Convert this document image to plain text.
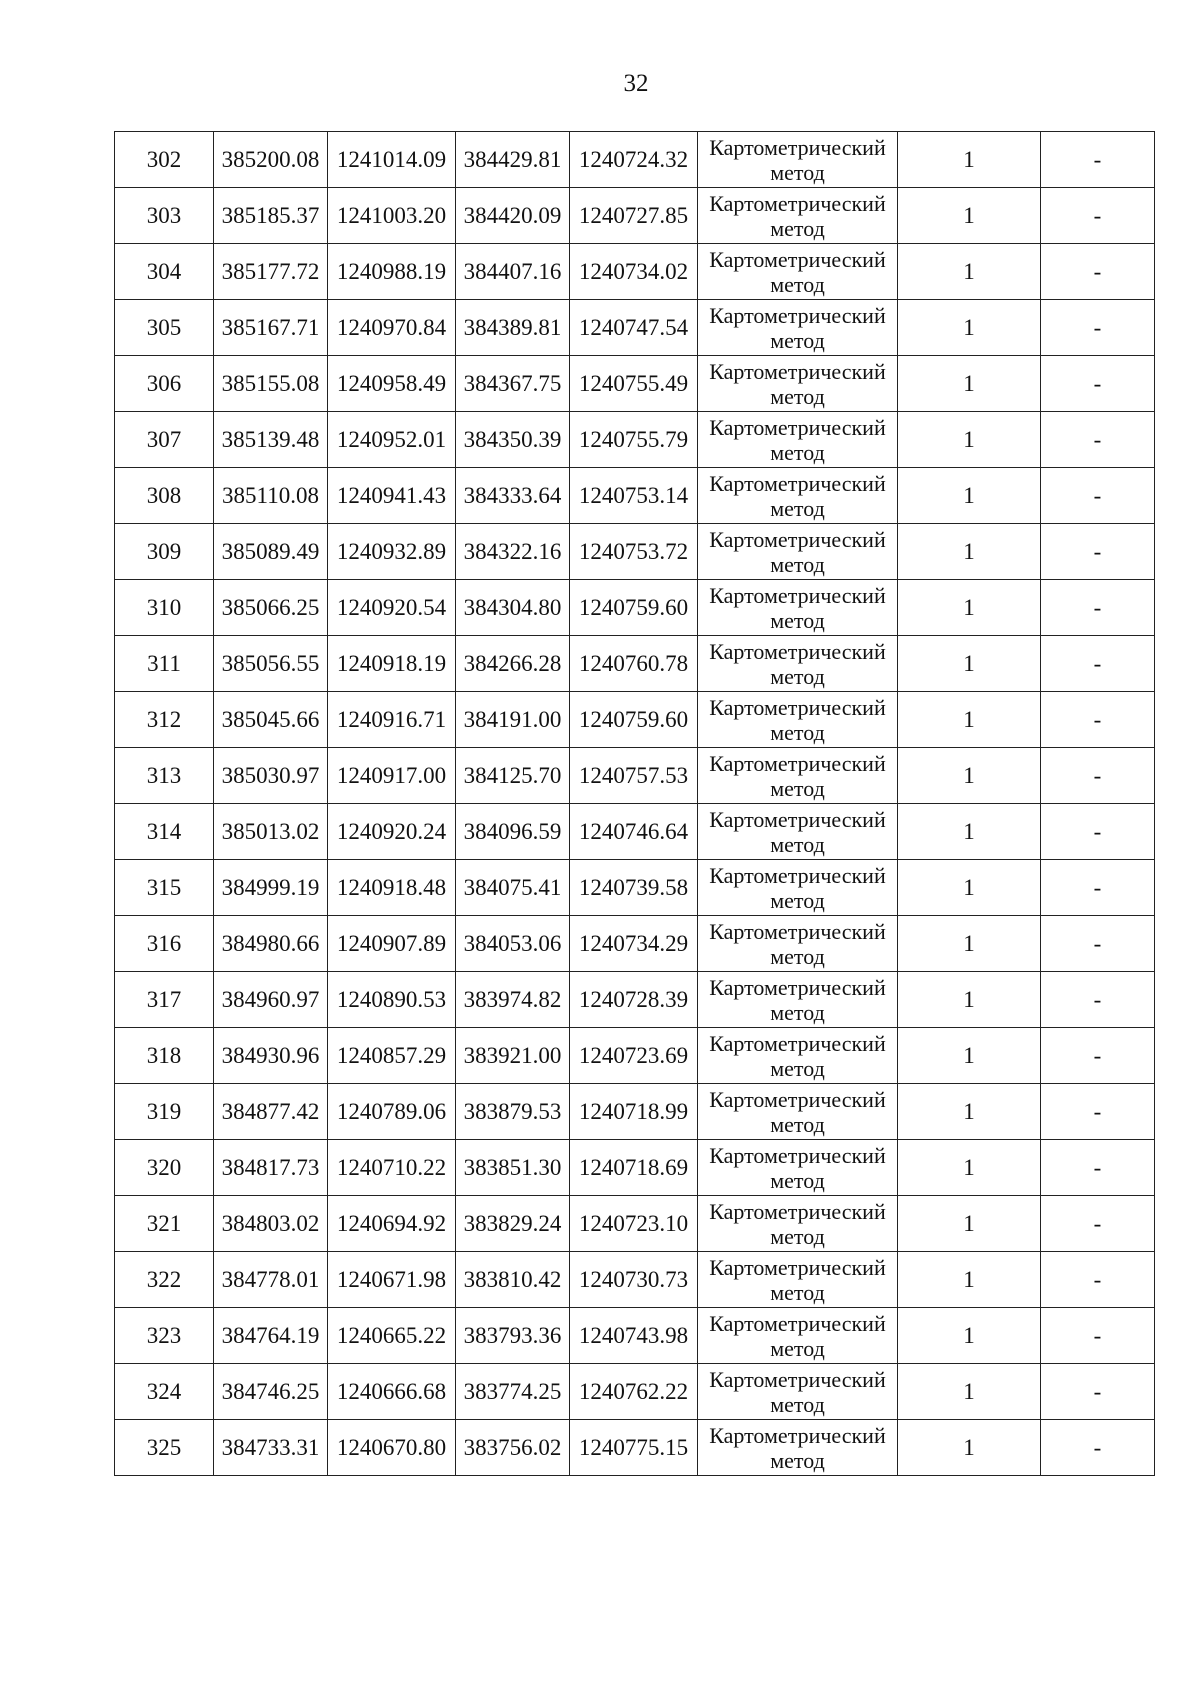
32
302	385200.08	1241014.09	384429.81	1240724.32	Картометрический метод	1	-
303	385185.37	1241003.20	384420.09	1240727.85	Картометрический метод	1	-
304	385177.72	1240988.19	384407.16	1240734.02	Картометрический метод	1	-
305	385167.71	1240970.84	384389.81	1240747.54	Картометрический метод	1	-
306	385155.08	1240958.49	384367.75	1240755.49	Картометрический метод	1	-
307	385139.48	1240952.01	384350.39	1240755.79	Картометрический метод	1	-
308	385110.08	1240941.43	384333.64	1240753.14	Картометрический метод	1	-
309	385089.49	1240932.89	384322.16	1240753.72	Картометрический метод	1	-
310	385066.25	1240920.54	384304.80	1240759.60	Картометрический метод	1	-
311	385056.55	1240918.19	384266.28	1240760.78	Картометрический метод	1	-
312	385045.66	1240916.71	384191.00	1240759.60	Картометрический метод	1	-
313	385030.97	1240917.00	384125.70	1240757.53	Картометрический метод	1	-
314	385013.02	1240920.24	384096.59	1240746.64	Картометрический метод	1	-
315	384999.19	1240918.48	384075.41	1240739.58	Картометрический метод	1	-
316	384980.66	1240907.89	384053.06	1240734.29	Картометрический метод	1	-
317	384960.97	1240890.53	383974.82	1240728.39	Картометрический метод	1	-
318	384930.96	1240857.29	383921.00	1240723.69	Картометрический метод	1	-
319	384877.42	1240789.06	383879.53	1240718.99	Картометрический метод	1	-
320	384817.73	1240710.22	383851.30	1240718.69	Картометрический метод	1	-
321	384803.02	1240694.92	383829.24	1240723.10	Картометрический метод	1	-
322	384778.01	1240671.98	383810.42	1240730.73	Картометрический метод	1	-
323	384764.19	1240665.22	383793.36	1240743.98	Картометрический метод	1	-
324	384746.25	1240666.68	383774.25	1240762.22	Картометрический метод	1	-
325	384733.31	1240670.80	383756.02	1240775.15	Картометрический метод	1	-
